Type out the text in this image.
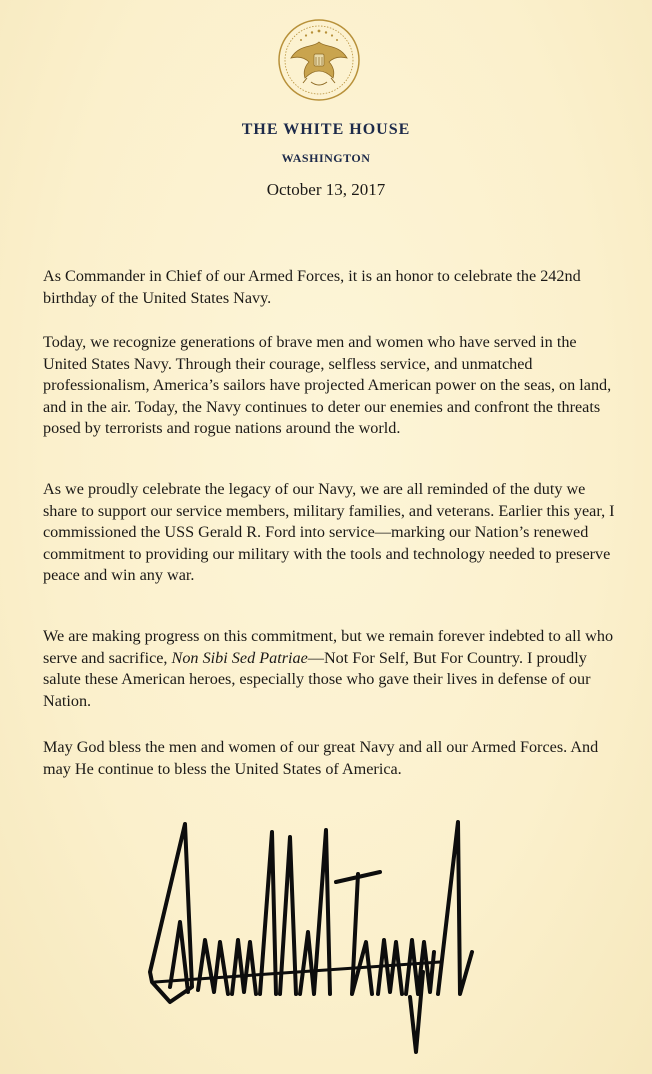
THE WHITE HOUSE
WASHINGTON
October 13, 2017

As Commander in Chief of our Armed Forces, it is an honor to celebrate the 242nd birthday of the United States Navy.

Today, we recognize generations of brave men and women who have served in the United States Navy. Through their courage, selfless service, and unmatched professionalism, America’s sailors have projected American power on the seas, on land, and in the air. Today, the Navy continues to deter our enemies and confront the threats posed by terrorists and rogue nations around the world.

As we proudly celebrate the legacy of our Navy, we are all reminded of the duty we share to support our service members, military families, and veterans. Earlier this year, I commissioned the USS Gerald R. Ford into service—marking our Nation’s renewed commitment to providing our military with the tools and technology needed to preserve peace and win any war.

We are making progress on this commitment, but we remain forever indebted to all who serve and sacrifice, Non Sibi Sed Patriae—Not For Self, But For Country. I proudly salute these American heroes, especially those who gave their lives in defense of our Nation.

May God bless the men and women of our great Navy and all our Armed Forces. And may He continue to bless the United States of America.
